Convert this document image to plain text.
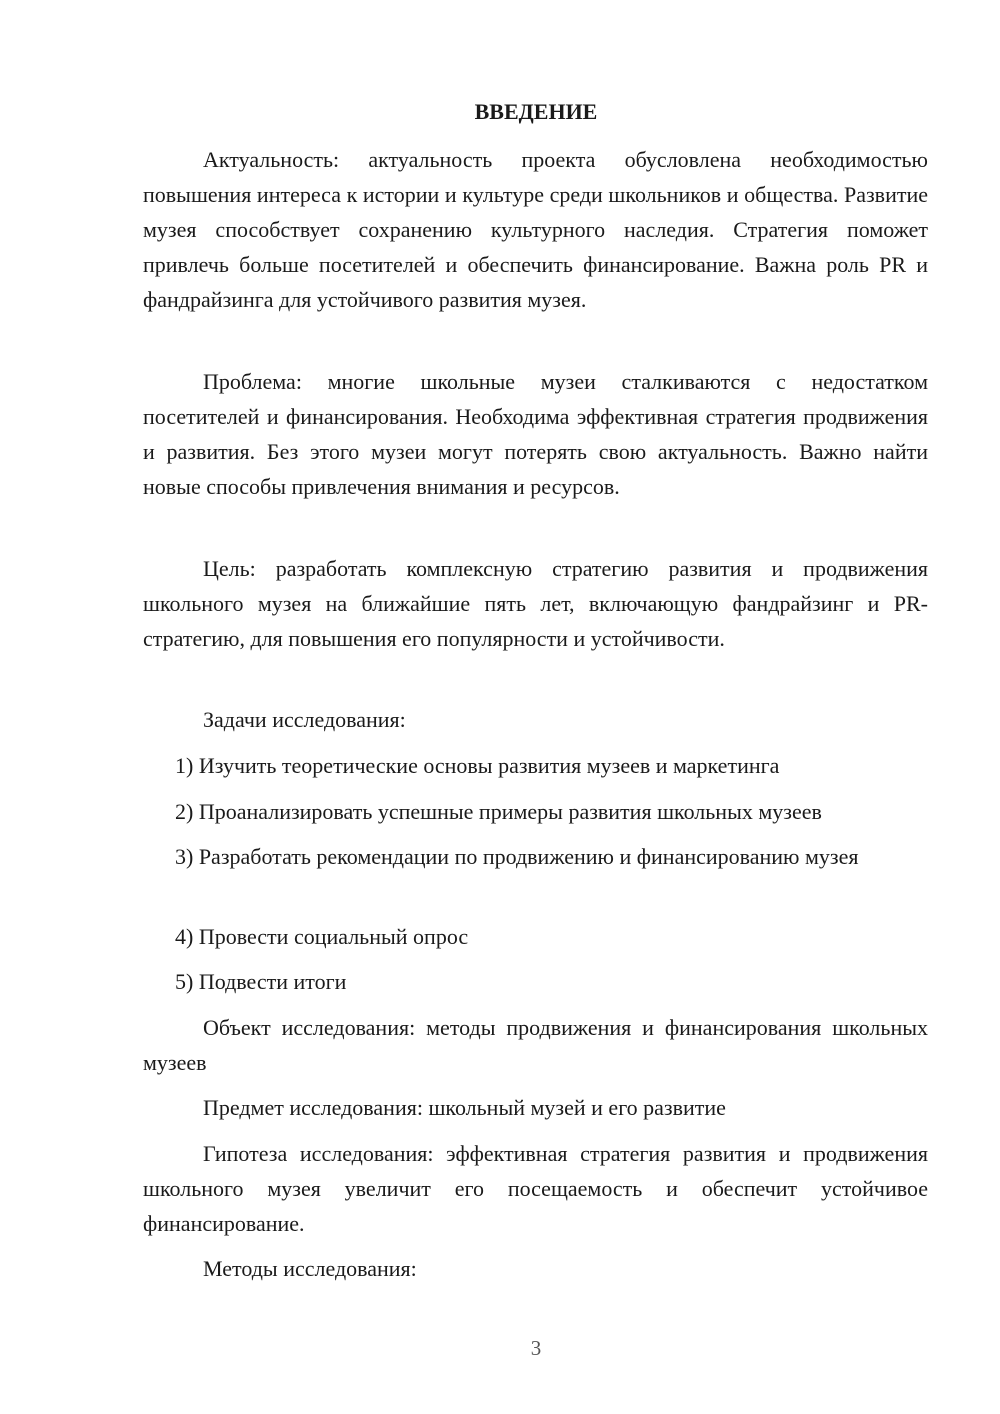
ВВЕДЕНИЕ

Актуальность: актуальность проекта обусловлена необходимостью повышения интереса к истории и культуре среди школьников и общества. Развитие музея способствует сохранению культурного наследия. Стратегия поможет привлечь больше посетителей и обеспечить финансирование. Важна роль PR и фандрайзинга для устойчивого развития музея.

Проблема: многие школьные музеи сталкиваются с недостатком посетителей и финансирования. Необходима эффективная стратегия продвижения и развития. Без этого музеи могут потерять свою актуальность. Важно найти новые способы привлечения внимания и ресурсов.

Цель: разработать комплексную стратегию развития и продвижения школьного музея на ближайшие пять лет, включающую фандрайзинг и PR-стратегию, для повышения его популярности и устойчивости.

Задачи исследования:

1) Изучить теоретические основы развития музеев и маркетинга

2) Проанализировать успешные примеры развития школьных музеев

3) Разработать рекомендации по продвижению и финансированию музея

4) Провести социальный опрос

5) Подвести итоги

Объект исследования: методы продвижения и финансирования школьных музеев

Предмет исследования: школьный музей и его развитие

Гипотеза исследования: эффективная стратегия развития и продвижения школьного музея увеличит его посещаемость и обеспечит устойчивое финансирование.

Методы исследования:

3
